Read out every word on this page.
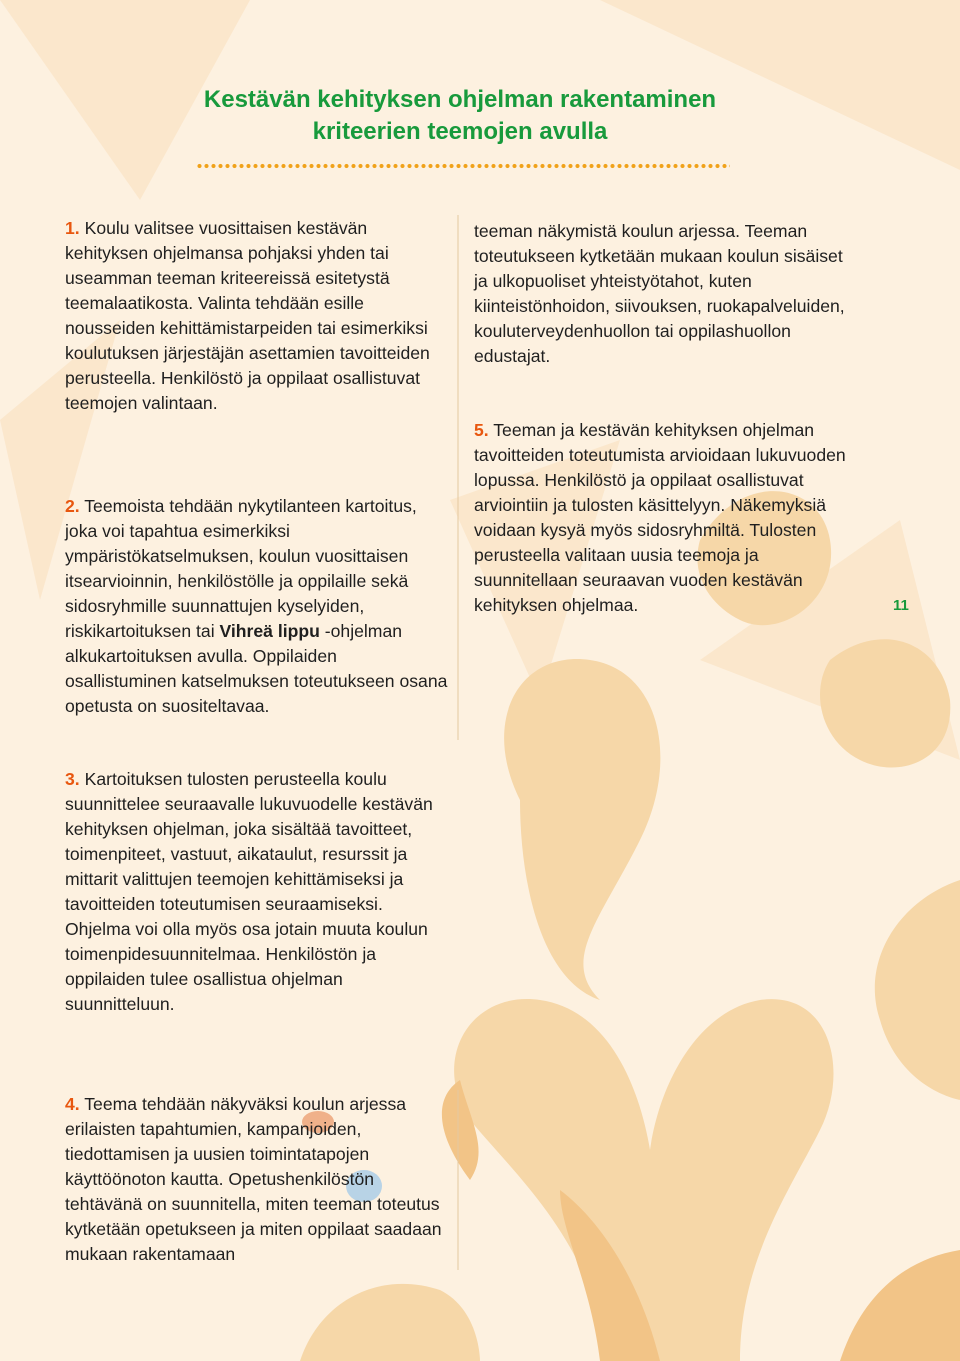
Kestävän kehityksen ohjelman rakentaminen
kriteerien teemojen avulla

1. Koulu valitsee vuosittaisen kestävän kehityksen ohjelmansa pohjaksi yhden tai useamman teeman kriteereissä esitetystä teemalaatikosta. Valinta tehdään esille nousseiden kehittämistarpeiden tai esimerkiksi koulutuksen järjestäjän asettamien tavoitteiden perusteella. Henkilöstö ja oppilaat osallistuvat teemojen valintaan.

2. Teemoista tehdään nykytilanteen kartoitus, joka voi tapahtua esimerkiksi ympäristökatselmuksen, koulun vuosittaisen itsearvioinnin, henkilöstölle ja oppilaille sekä sidosryhmille suunnattujen kyselyiden, riskikartoituksen tai Vihreä lippu -ohjelman alkukartoituksen avulla. Oppilaiden osallistuminen katselmuksen toteutukseen osana opetusta on suositeltavaa.

3. Kartoituksen tulosten perusteella koulu suunnittelee seuraavalle lukuvuodelle kestävän kehityksen ohjelman, joka sisältää tavoitteet, toimenpiteet, vastuut, aikataulut, resurssit ja mittarit valittujen teemojen kehittämiseksi ja tavoitteiden toteutumisen seuraamiseksi. Ohjelma voi olla myös osa jotain muuta koulun toimenpidesuunnitelmaa. Henkilöstön ja oppilaiden tulee osallistua ohjelman suunnitteluun.

4. Teema tehdään näkyväksi koulun arjessa erilaisten tapahtumien, kampanjoiden, tiedottamisen ja uusien toimintatapojen käyttöönoton kautta. Opetushenkilöstön tehtävänä on suunnitella, miten teeman toteutus kytketään opetukseen ja miten oppilaat saadaan mukaan rakentamaan

teeman näkymistä koulun arjessa. Teeman toteutukseen kytketään mukaan koulun sisäiset ja ulkopuoliset yhteistyötahot, kuten kiinteistönhoidon, siivouksen, ruokapalveluiden, kouluterveydenhuollon tai oppilashuollon edustajat.

5. Teeman ja kestävän kehityksen ohjelman tavoitteiden toteutumista arvioidaan lukuvuoden lopussa. Henkilöstö ja oppilaat osallistuvat arviointiin ja tulosten käsittelyyn. Näkemyksiä voidaan kysyä myös sidosryhmiltä. Tulosten perusteella valitaan uusia teemoja ja suunnitellaan seuraavan vuoden kestävän kehityksen ohjelmaa.	11
